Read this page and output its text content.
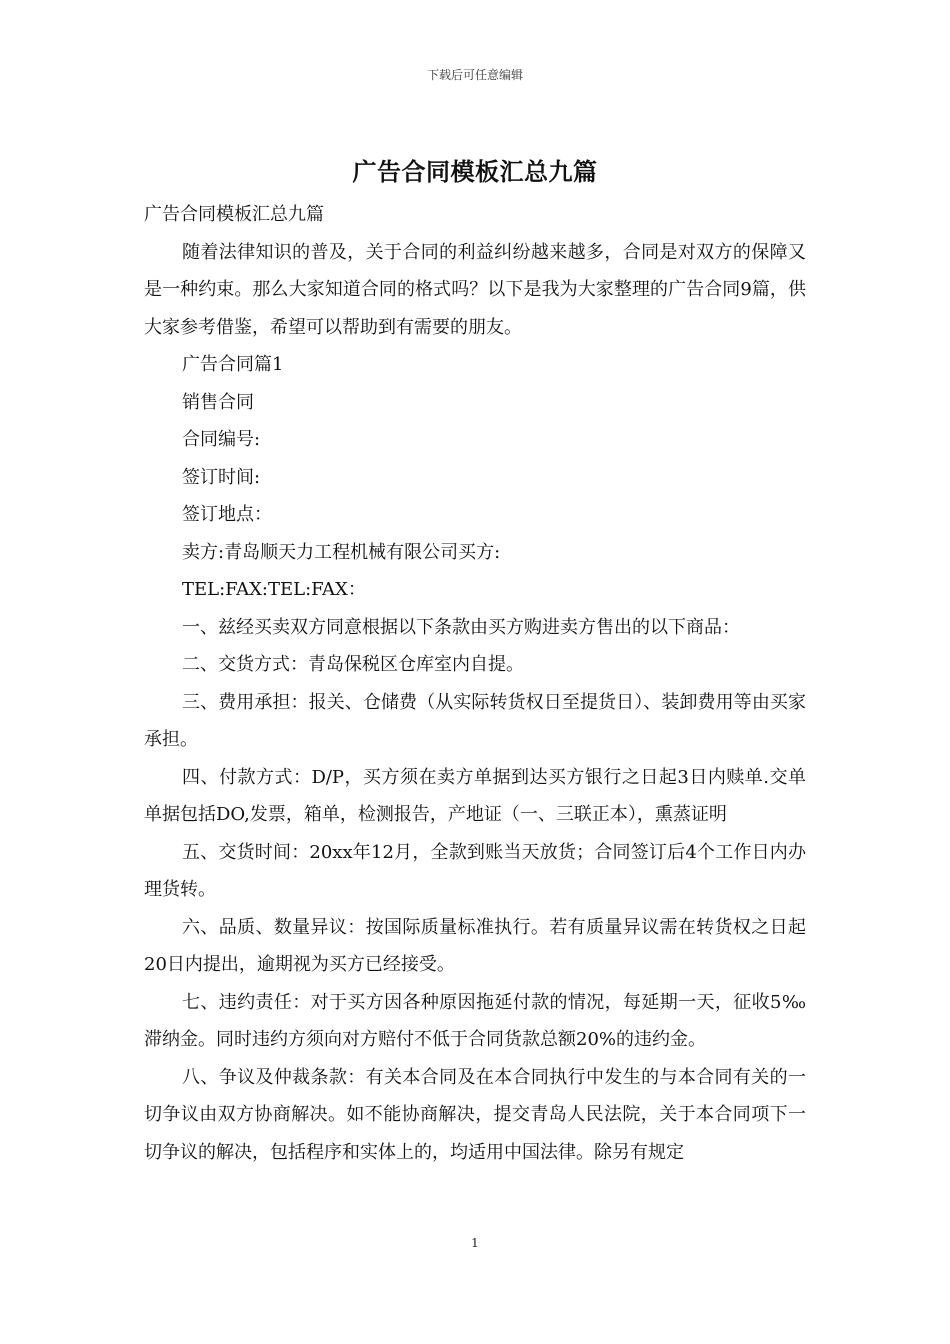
下载后可任意编辑
广告合同模板汇总九篇

广告合同模板汇总九篇

随着法律知识的普及，关于合同的利益纠纷越来越多，合同是对双方的保障又是一种约束。那么大家知道合同的格式吗？以下是我为大家整理的广告合同9篇，供大家参考借鉴，希望可以帮助到有需要的朋友。

广告合同篇1

销售合同

合同编号:

签订时间:

签订地点：

卖方:青岛顺天力工程机械有限公司买方:

TEL:FAX:TEL:FAX：

一、兹经买卖双方同意根据以下条款由买方购进卖方售出的以下商品：

二、交货方式：青岛保税区仓库室内自提。

三、费用承担：报关、仓储费（从实际转货权日至提货日）、装卸费用等由买家承担。

四、付款方式：D/P，买方须在卖方单据到达买方银行之日起3日内赎单.交单单据包括DO,发票，箱单，检测报告，产地证（一、三联正本），熏蒸证明

五、交货时间：20xx年12月，全款到账当天放货；合同签订后4个工作日内办理货转。

六、品质、数量异议：按国际质量标准执行。若有质量异议需在转货权之日起20日内提出，逾期视为买方已经接受。

七、违约责任：对于买方因各种原因拖延付款的情况，每延期一天，征收5‰滞纳金。同时违约方须向对方赔付不低于合同货款总额20%的违约金。

八、争议及仲裁条款：有关本合同及在本合同执行中发生的与本合同有关的一切争议由双方协商解决。如不能协商解决，提交青岛人民法院，关于本合同项下一切争议的解决，包括程序和实体上的，均适用中国法律。除另有规定

1
